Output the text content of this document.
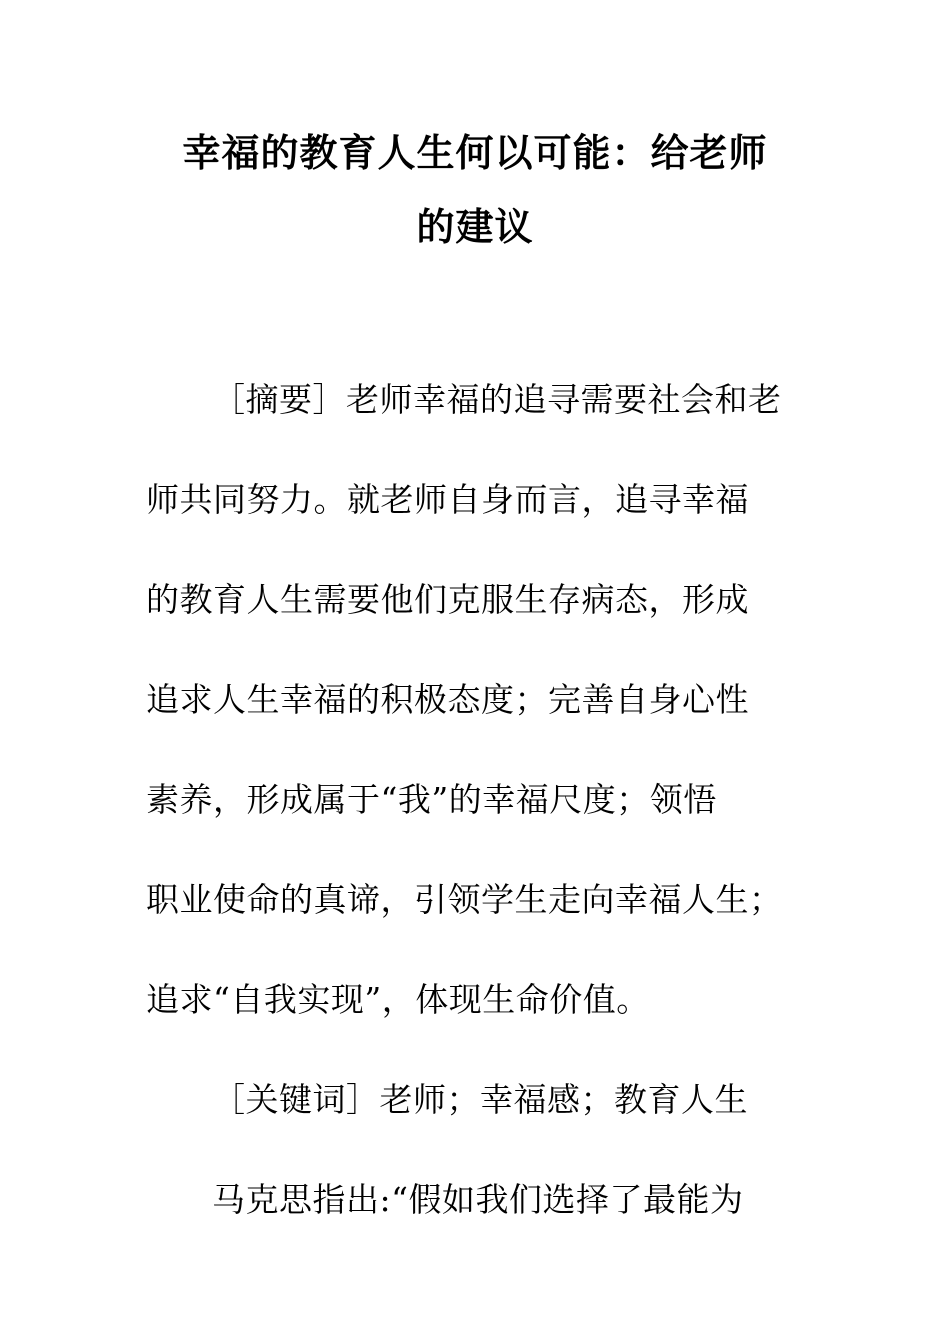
幸福的教育人生何以可能：给老师
的建议
［摘要］老师幸福的追寻需要社会和老
师共同努力。就老师自身而言，追寻幸福
的教育人生需要他们克服生存病态，形成
追求人生幸福的积极态度；完善自身心性
素养，形成属于“我”的幸福尺度；领悟
职业使命的真谛，引领学生走向幸福人生；
追求“自我实现”，体现生命价值。
［关键词］老师；幸福感；教育人生
马克思指出:“假如我们选择了最能为
